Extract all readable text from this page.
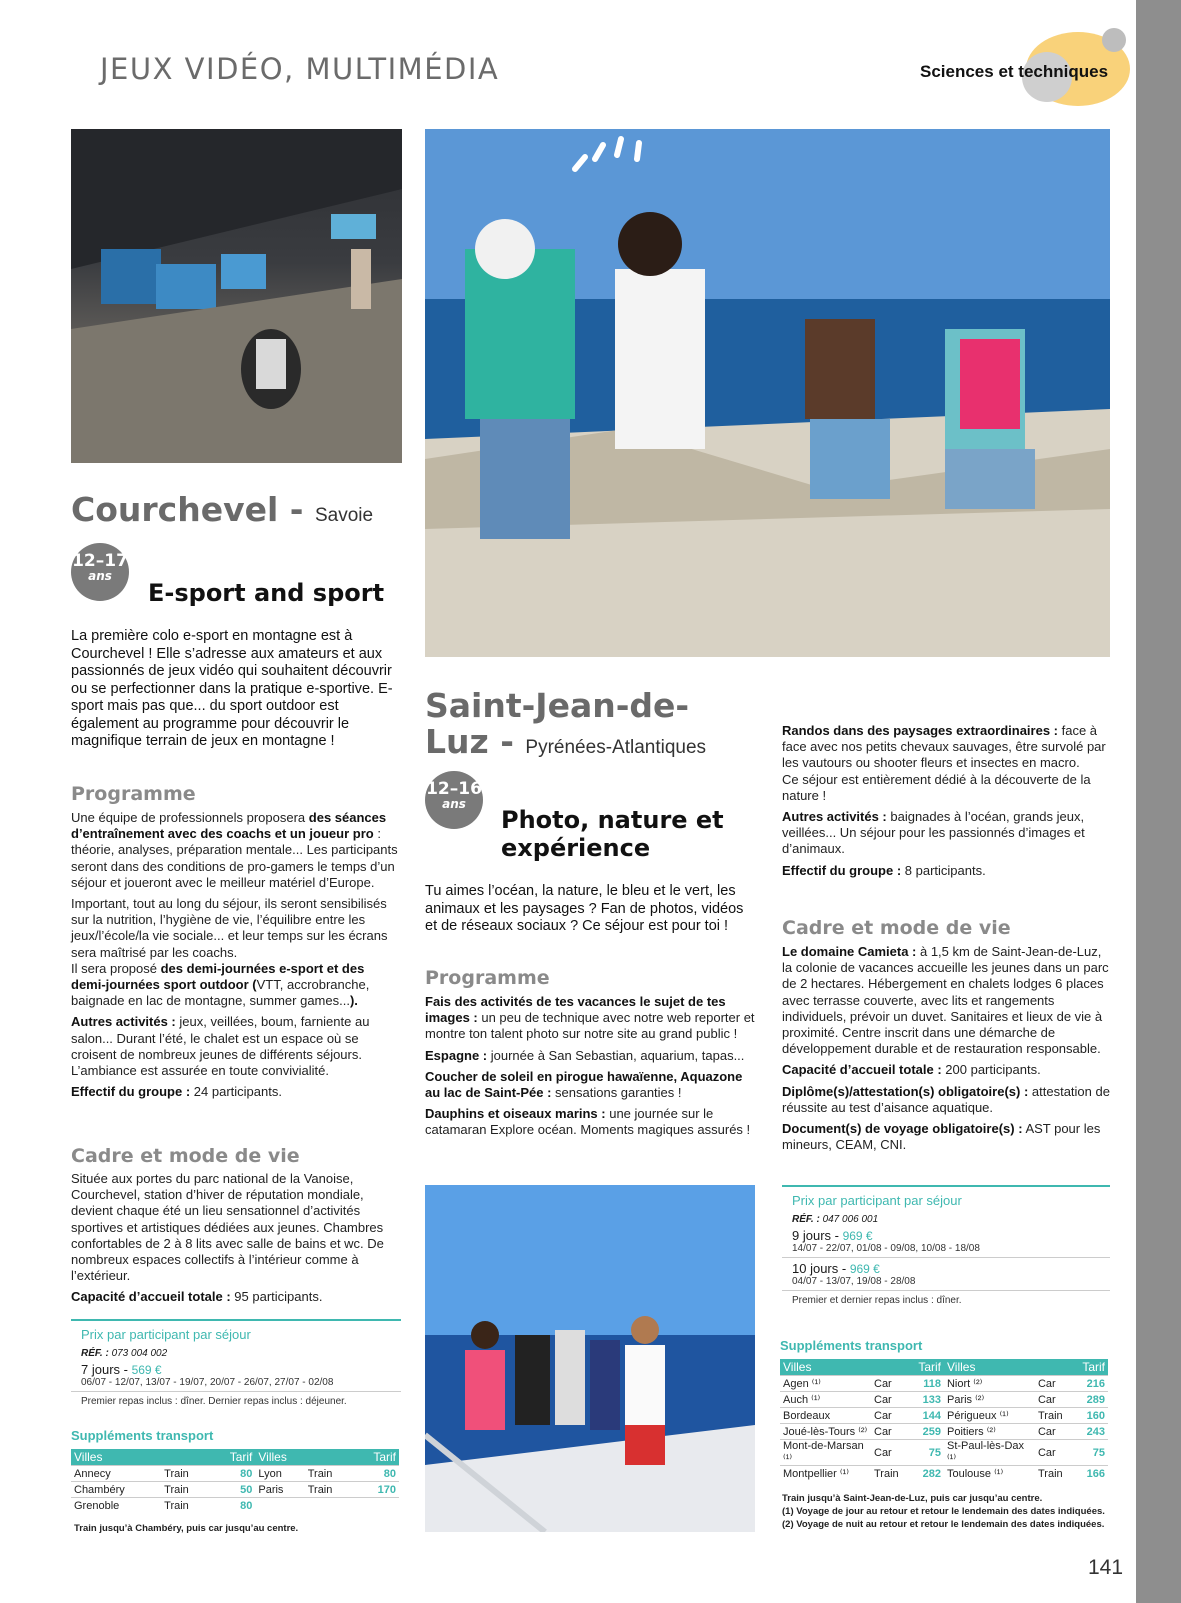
JEUX VIDÉO, MULTIMÉDIA	Sciences et techniques
Courchevel - Savoie
12–17
ans
E-sport and sport
La première colo e-sport en montagne est à Courchevel ! Elle s’adresse aux amateurs et aux passionnés de jeux vidéo qui souhaitent découvrir ou se perfectionner dans la pratique e-sportive. E-sport mais pas que... du sport outdoor est également au programme pour découvrir le magnifique terrain de jeux en montagne !
Programme

Une équipe de professionnels proposera des séances d’entraînement avec des coachs et un joueur pro : théorie, analyses, préparation mentale... Les participants seront dans des conditions de pro-gamers le temps d’un séjour et joueront avec le meilleur matériel d’Europe.

Important, tout au long du séjour, ils seront sensibilisés sur la nutrition, l’hygiène de vie, l’équilibre entre les jeux/l’école/la vie sociale... et leur temps sur les écrans sera maîtrisé par les coachs.

Il sera proposé des demi-journées e-sport et des demi-journées sport outdoor (VTT, accrobranche, baignade en lac de montagne, summer games...).

Autres activités : jeux, veillées, boum, farniente au salon... Durant l’été, le chalet est un espace où se croisent de nombreux jeunes de différents séjours. L’ambiance est assurée en toute convivialité.

Effectif du groupe : 24 participants.

Cadre et mode de vie

Située aux portes du parc national de la Vanoise, Courchevel, station d’hiver de réputation mondiale, devient chaque été un lieu sensationnel d’activités sportives et artistiques dédiées aux jeunes. Chambres confortables de 2 à 8 lits avec salle de bains et wc. De nombreux espaces collectifs à l’intérieur comme à l’extérieur.

Capacité d’accueil totale : 95 participants.

Prix par participant par séjour
RÉF. : 073 004 002
7 jours - 569 €
06/07 - 12/07, 13/07 - 19/07, 20/07 - 26/07, 27/07 - 02/08
Premier repas inclus : dîner. Dernier repas inclus : déjeuner.
Suppléments transport
Villes		Tarif	Villes		Tarif
Annecy	Train	80	Lyon	Train	80
Chambéry	Train	50	Paris	Train	170
Grenoble	Train	80			
Train jusqu’à Chambéry, puis car jusqu’au centre.
Saint-Jean-de-
Luz - Pyrénées-Atlantiques
12–16
ans
Photo, nature et
expérience
Tu aimes l’océan, la nature, le bleu et le vert, les animaux et les paysages ? Fan de photos, vidéos et de réseaux sociaux ? Ce séjour est pour toi !
Programme

Fais des activités de tes vacances le sujet de tes images : un peu de technique avec notre web reporter et montre ton talent photo sur notre site au grand public !

Espagne : journée à San Sebastian, aquarium, tapas...

Coucher de soleil en pirogue hawaïenne, Aquazone au lac de Saint-Pée : sensations garanties !

Dauphins et oiseaux marins : une journée sur le catamaran Explore océan. Moments magiques assurés !

Randos dans des paysages extraordinaires : face à face avec nos petits chevaux sauvages, être survolé par les vautours ou shooter fleurs et insectes en macro.

Ce séjour est entièrement dédié à la découverte de la nature !

Autres activités : baignades à l’océan, grands jeux, veillées... Un séjour pour les passionnés d’images et d’animaux.

Effectif du groupe : 8 participants.

Cadre et mode de vie

Le domaine Camieta : à 1,5 km de Saint-Jean-de-Luz, la colonie de vacances accueille les jeunes dans un parc de 2 hectares. Hébergement en chalets lodges 6 places avec terrasse couverte, avec lits et rangements individuels, prévoir un duvet. Sanitaires et lieux de vie à proximité. Centre inscrit dans une démarche de développement durable et de restauration responsable.

Capacité d’accueil totale : 200 participants.

Diplôme(s)/attestation(s) obligatoire(s) : attestation de réussite au test d’aisance aquatique.

Document(s) de voyage obligatoire(s) : AST pour les mineurs, CEAM, CNI.

Prix par participant par séjour
RÉF. : 047 006 001
9 jours - 969 €
14/07 - 22/07, 01/08 - 09/08, 10/08 - 18/08
10 jours - 969 €
04/07 - 13/07, 19/08 - 28/08
Premier et dernier repas inclus : dîner.
Suppléments transport
Villes		Tarif	Villes		Tarif
Agen ⁽¹⁾	Car	118	Niort ⁽²⁾	Car	216
Auch ⁽¹⁾	Car	133	Paris ⁽²⁾	Car	289
Bordeaux	Car	144	Périgueux ⁽¹⁾	Train	160
Joué-lès-Tours ⁽²⁾	Car	259	Poitiers ⁽²⁾	Car	243
Mont-de-Marsan ⁽¹⁾	Car	75	St-Paul-lès-Dax ⁽¹⁾	Car	75
Montpellier ⁽¹⁾	Train	282	Toulouse ⁽¹⁾	Train	166
Train jusqu’à Saint-Jean-de-Luz, puis car jusqu’au centre.
(1) Voyage de jour au retour et retour le lendemain des dates indiquées.
(2) Voyage de nuit au retour et retour le lendemain des dates indiquées.
141
